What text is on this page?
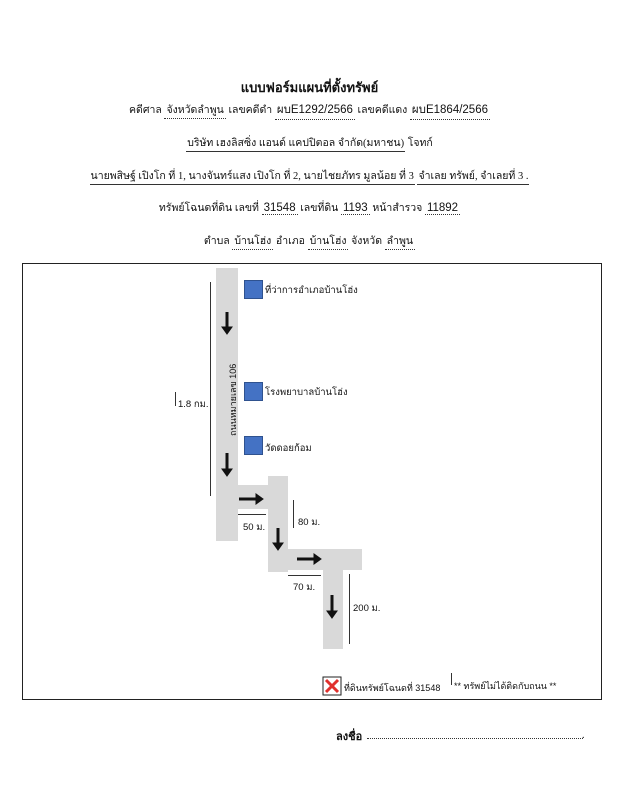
แบบฟอร์มแผนที่ตั้งทรัพย์
คดีศาล จังหวัดลำพูน เลขคดีดำ ผบE1292/2566 เลขคดีแดง ผบE1864/2566
บริษัท เฮงลิสซิ่ง แอนด์ แคปปิตอล จำกัด(มหาชน) โจทก์
นายพสิษฐ์ เปิงโก ที่ 1, นางจันทร์แสง เปิงโก ที่ 2, นายไชยภัทร มูลน้อย ที่ 3 จำเลย ทรัพย์, จำเลยที่ 3 .
ทรัพย์โฉนดที่ดิน เลขที่ 31548 เลขที่ดิน 1193 หน้าสำรวจ 11892
ตำบล บ้านโฮ่ง อำเภอ บ้านโฮ่ง จังหวัด ลำพูน
ถนนหมายเลข 106
ที่ว่าการอำเภอบ้านโฮ่ง
โรงพยาบาลบ้านโฮ่ง
วัดดอยก้อม
1.8 กม.
50 ม.	80 ม.
70 ม.
200 ม.
ที่ดินทรัพย์โฉนดที่ 31548 ** ทรัพย์ไม่ได้ติดกับถนน **
ลงชื่อ	.
